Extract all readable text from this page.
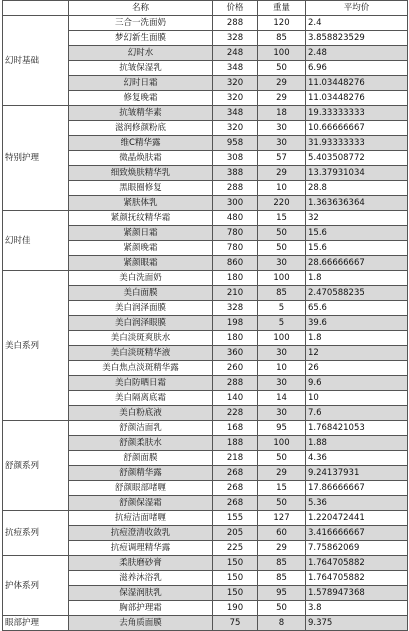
	名称	价格	重量	平均价
幻时基础	三合一洗面奶	288	120	2.4
	梦幻新生面膜	328	85	3.858823529
	幻时水	248	100	2.48
	抗皱保湿乳	348	50	6.96
	幻时日霜	320	29	11.03448276
	修复晚霜	320	29	11.03448276
特别护理	抗皱精华素	348	18	19.33333333
	滋润修颜粉底	320	30	10.66666667
	维C精华露	958	30	31.93333333
	微晶焕肤霜	308	57	5.403508772
	细致焕肤精华乳	388	29	13.37931034
	黑眼圈修复	288	10	28.8
	紧肤体乳	300	220	1.363636364
幻时佳	紧颜抚纹精华霜	480	15	32
	紧颜日霜	780	50	15.6
	紧颜晚霜	780	50	15.6
	紧颜眼霜	860	30	28.66666667
美白系列	美白洗面奶	180	100	1.8
	美白面膜	210	85	2.470588235
	美白润泽面膜	328	5	65.6
	美白润泽眼膜	198	5	39.6
	美白淡斑爽肤水	180	100	1.8
	美白淡斑精华液	360	30	12
	美白焦点淡斑精华露	260	10	26
	美白防晒日霜	288	30	9.6
	美白隔离底霜	140	14	10
	美白粉底液	228	30	7.6
舒颜系列	舒颜洁面乳	168	95	1.768421053
	舒颜柔肤水	188	100	1.88
	舒颜面膜	218	50	4.36
	舒颜精华露	268	29	9.24137931
	舒颜眼部啫喱	268	15	17.86666667
	舒颜保湿霜	268	50	5.36
抗痘系列	抗痘洁面啫喱	155	127	1.220472441
	抗痘澄清收敛乳	205	60	3.416666667
	抗痘调理精华露	225	29	7.75862069
护体系列	柔肤磨砂膏	150	85	1.764705882
	滋养沐浴乳	150	85	1.764705882
	保湿润肤乳	150	95	1.578947368
	胸部护理霜	190	50	3.8
眼部护理	去角质面膜	75	8	9.375
